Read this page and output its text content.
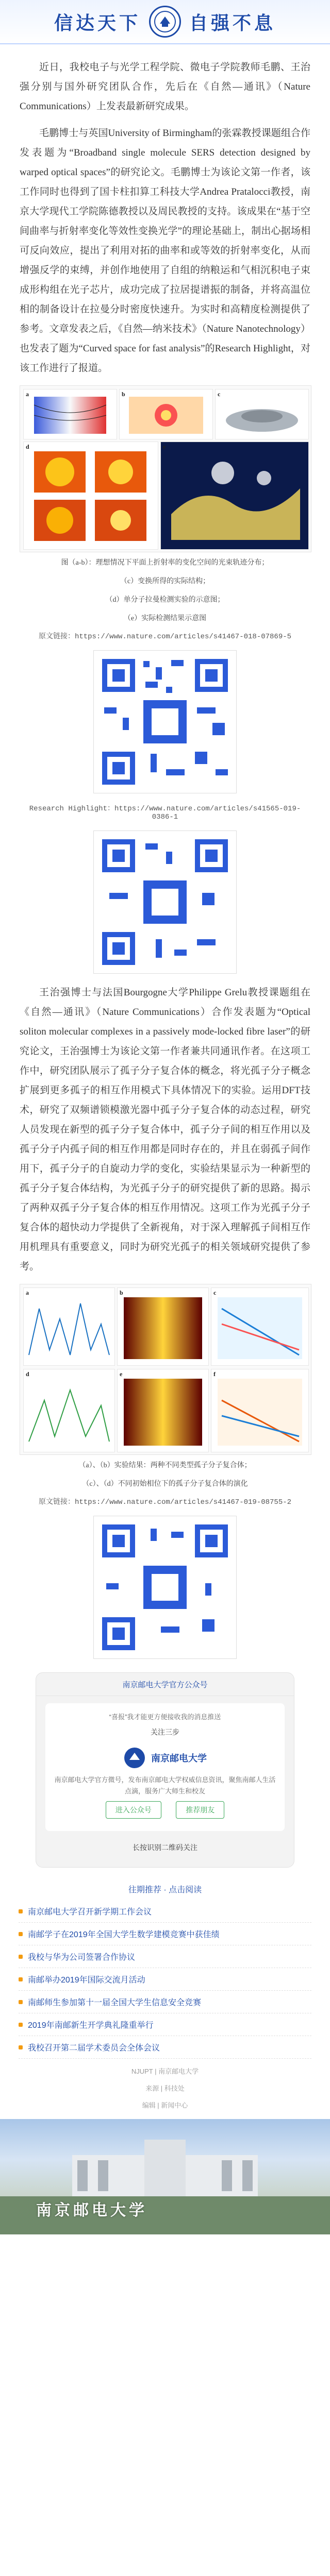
信达天下	自强不息

近日，我校电子与光学工程学院、微电子学院教师毛鹏、王治强分别与国外研究团队合作，先后在《自然—通讯》（Nature Communications）上发表最新研究成果。

毛鹏博士与英国University of Birmingham的张霖教授课题组合作发表题为“Broadband single molecule SERS detection designed by warped optical spaces”的研究论文。毛鹏博士为该论文第一作者，该工作同时也得到了国卡柱扣算工科技大学Andrea Pratalocci教授，南京大学现代工学院陈德教授以及周民教授的支持。该成果在“基于空间曲率与折射率变化等效性变换光学”的理论基础上，制出心据场相可反向效应，提出了利用对拓的曲率和或等效的折射率变化，从而增强反学的束缚，并创作地使用了自组的纳粮运和气相沉积电子束成形构组在光子芯片，成功完成了拉居提谱振的制备，并将高温位相的制备设计在拉曼分时密度快速升。为实时和高精度检测提供了参考。文章发表之后，《自然—纳米技术》（Nature Nanotechnology）也发表了题为“Curved space for fast analysis”的Research Highlight，对该工作进行了报道。

a	b	c
d	e

图（a-b）：理想情况下平面上折射率的变化空间的光束轨迹分布；

（c）变换所得的实际结构；

（d）单分子拉曼检测实验的示意图；

（e）实际检测结果示意图

原文链接：https://www.nature.com/articles/s41467-018-07869-5

Research Highlight：https://www.nature.com/articles/s41565-019-0386-1

王治强博士与法国Bourgogne大学Philippe Grelu教授课题组在《自然—通讯》（Nature Communications）合作发表题为“Optical soliton molecular complexes in a passively mode-locked fibre laser”的研究论文，王治强博士为该论文第一作者兼共同通讯作者。在这项工作中，研究团队展示了孤子分子复合体的概念，将光孤子分子概念扩展到更多孤子的相互作用模式下具体情况下的实验。运用DFT技术，研究了双频谱锁模激光器中孤子分子复合体的动态过程，研究人员发现在新型的孤子分子复合体中，孤子分子间的相互作用以及孤子分子内孤子间的相互作用都是同时存在的，并且在弱孤子间作用下，孤子分子的自旋动力学的变化，实验结果显示为一种新型的孤子分子复合体结构，为光孤子分子的研究提供了新的思路。揭示了两种双孤子分子复合体的相互作用情况。这项工作为光孤子分子复合体的超快动力学提供了全新视角，对于深入理解孤子间相互作用机理具有重要意义，同时为研究光孤子的相关领域研究提供了参考。

a	b	c
d	e	f

（a）、（b）实验结果：两种不同类型孤子分子复合体；

（c）、（d）不同初始相位下的孤子分子复合体的演化

原文链接：https://www.nature.com/articles/s41467-019-08755-2

南京邮电大学官方公众号
“喜报”我才能更方便接收我的消息推送
关注三步
南京邮电大学
南京邮电大学官方微号，发布南京邮电大学权威信息资讯，聚焦南邮人生活点滴，服务广大师生和校友
进入公众号	推荐朋友
长按识别二维码关注
往期推荐 · 点击阅读
南京邮电大学召开新学期工作会议
南邮学子在2019年全国大学生数学建模竞赛中获佳绩
我校与华为公司签署合作协议
南邮举办2019年国际交流月活动
南邮师生参加第十一届全国大学生信息安全竞赛
2019年南邮新生开学典礼隆重举行
我校召开第二届学术委员会全体会议
NJUPT | 南京邮电大学
来源 | 科技处
编辑 | 新闻中心
南京邮电大学
